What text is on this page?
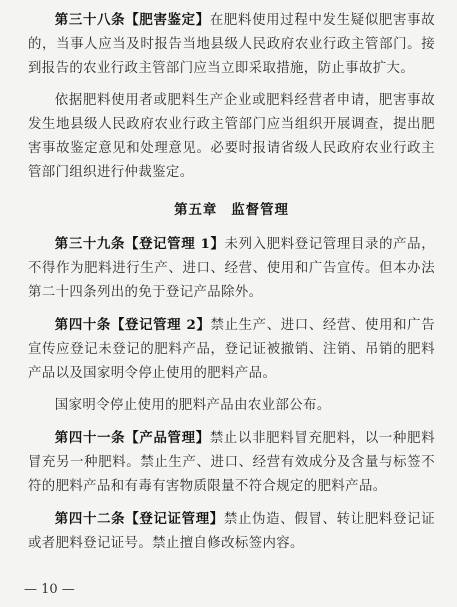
第三十八条【肥害鉴定】在肥料使用过程中发生疑似肥害事故的，当事人应当及时报告当地县级人民政府农业行政主管部门。接到报告的农业行政主管部门应当立即采取措施，防止事故扩大。

依据肥料使用者或肥料生产企业或肥料经营者申请，肥害事故发生地县级人民政府农业行政主管部门应当组织开展调查，提出肥害事故鉴定意见和处理意见。必要时报请省级人民政府农业行政主管部门组织进行仲裁鉴定。

第五章 监督管理

第三十九条【登记管理 1】未列入肥料登记管理目录的产品，不得作为肥料进行生产、进口、经营、使用和广告宣传。但本办法第二十四条列出的免于登记产品除外。

第四十条【登记管理 2】禁止生产、进口、经营、使用和广告宣传应登记未登记的肥料产品，登记证被撤销、注销、吊销的肥料产品以及国家明令停止使用的肥料产品。

国家明令停止使用的肥料产品由农业部公布。

第四十一条【产品管理】禁止以非肥料冒充肥料，以一种肥料冒充另一种肥料。禁止生产、进口、经营有效成分及含量与标签不符的肥料产品和有毒有害物质限量不符合规定的肥料产品。

第四十二条【登记证管理】禁止伪造、假冒、转让肥料登记证或者肥料登记证号。禁止擅自修改标签内容。

— 10 —
